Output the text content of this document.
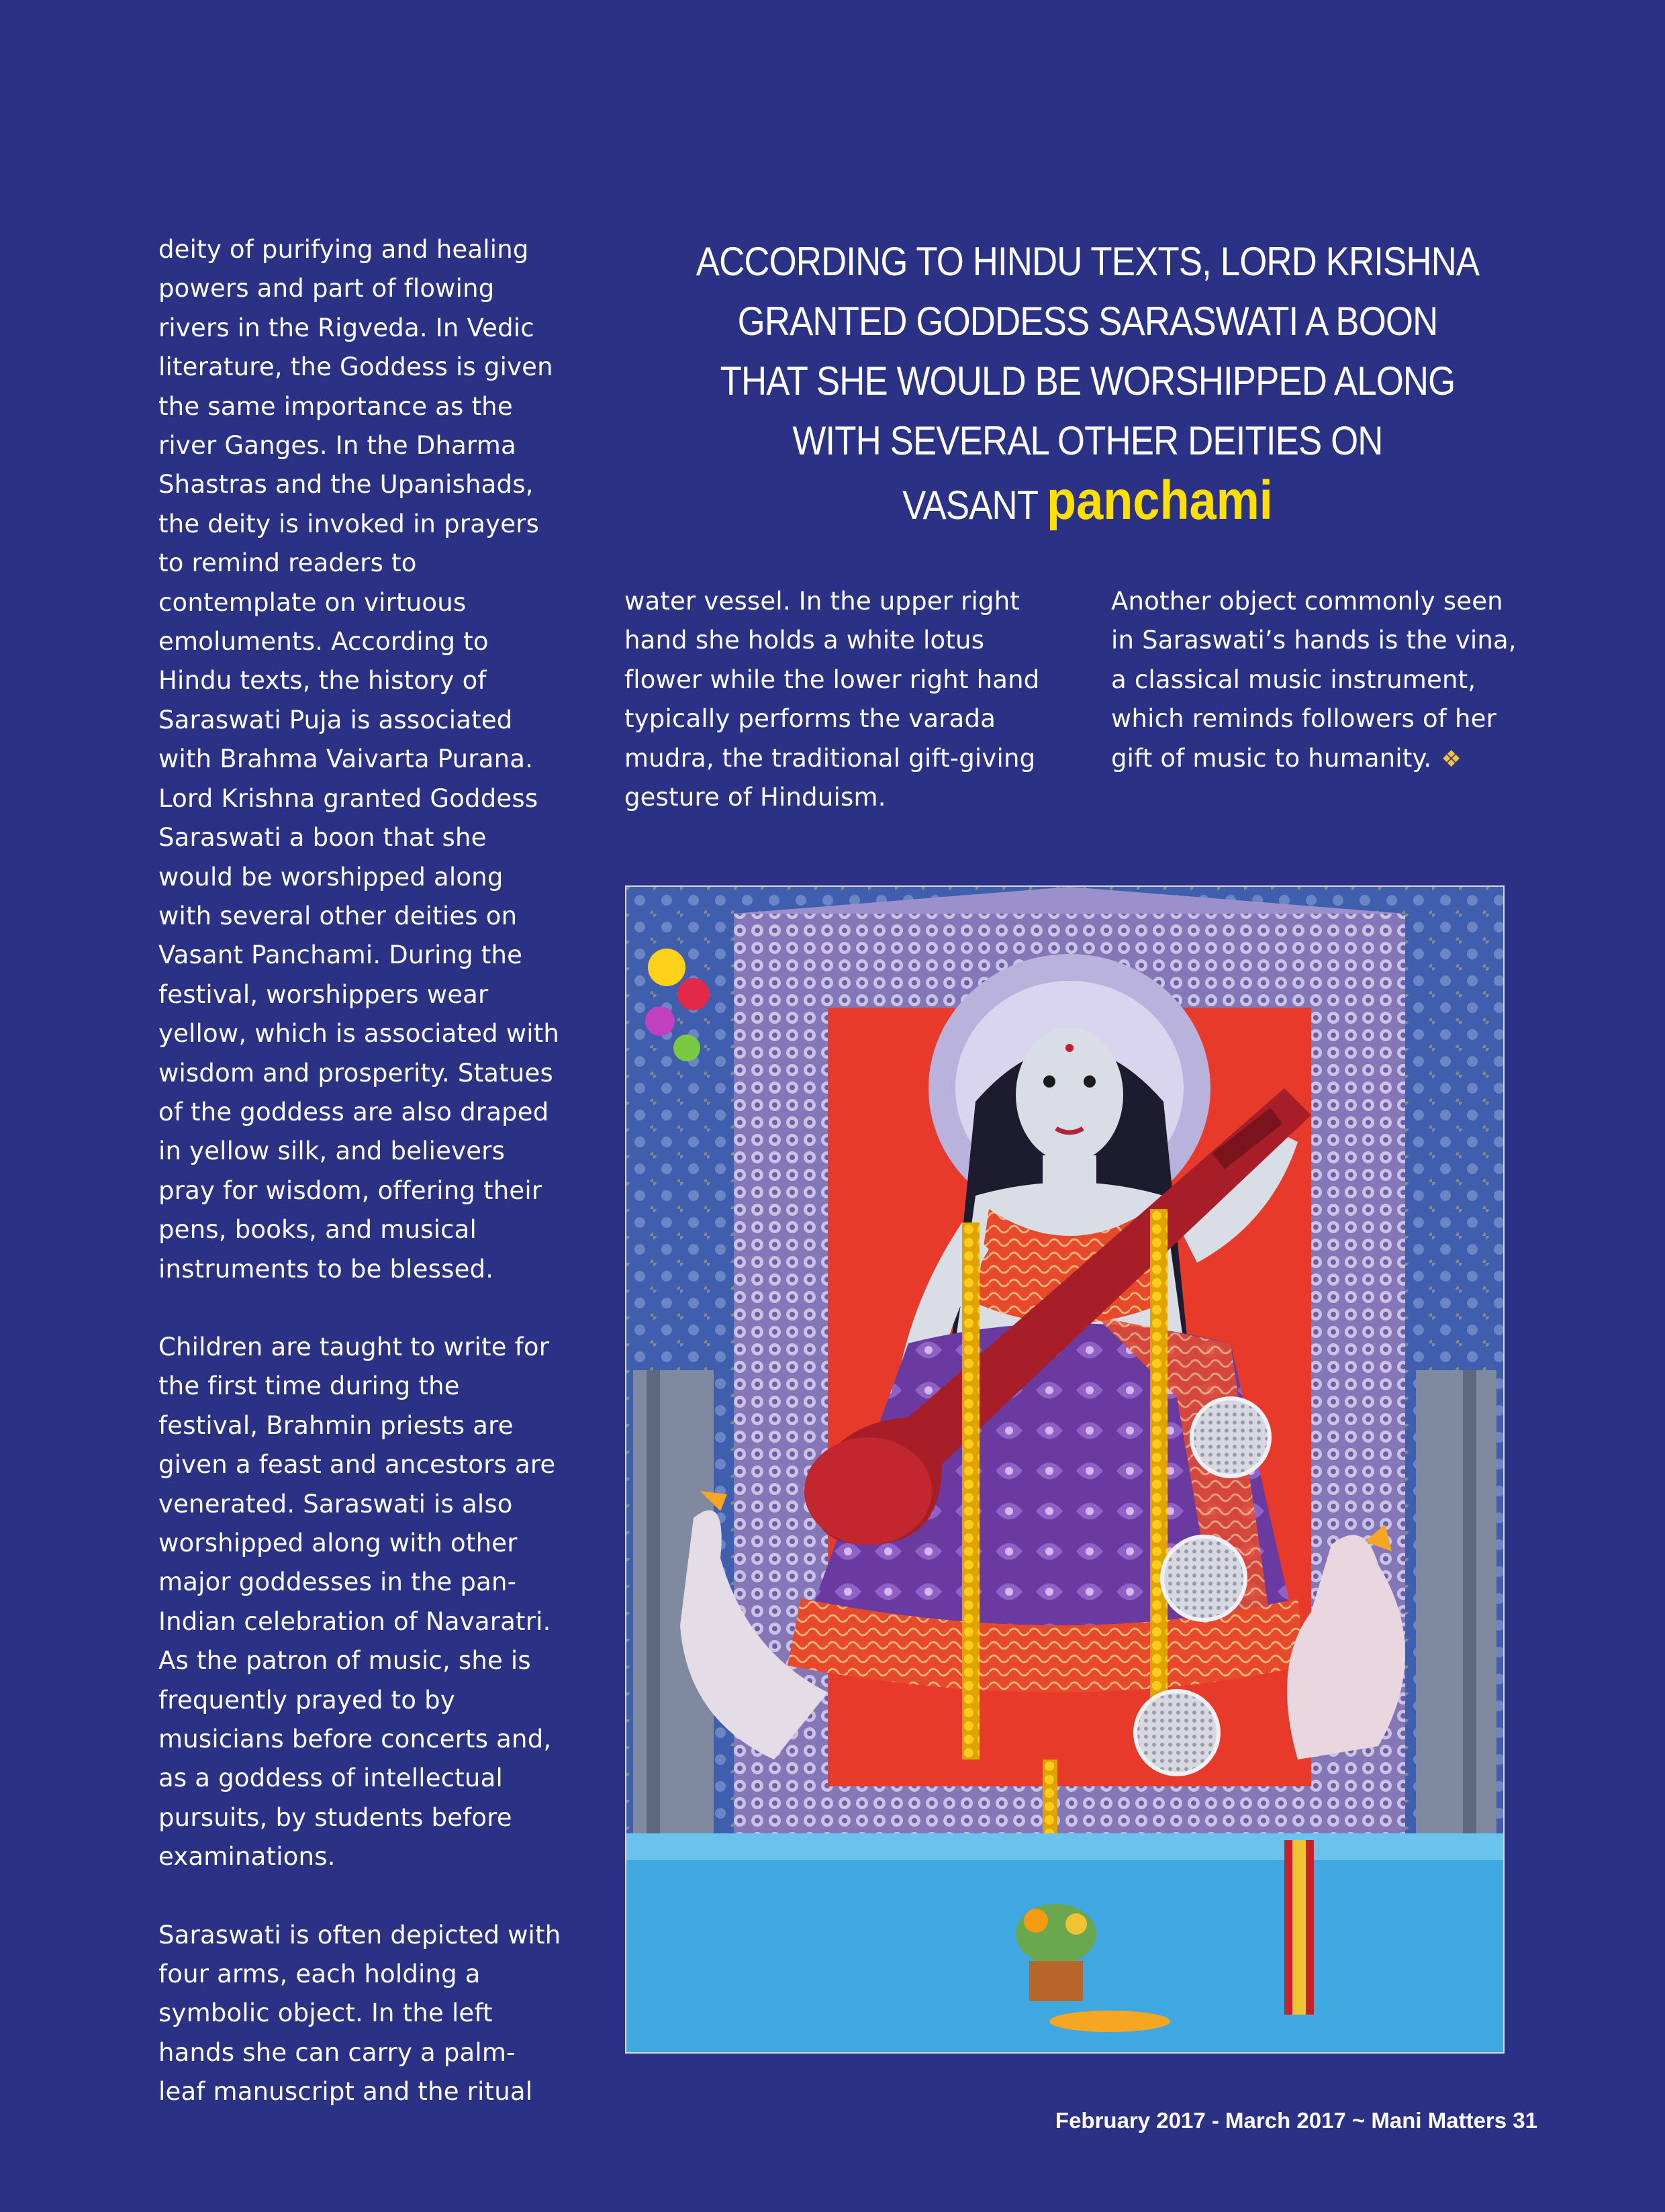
deity of purifying and healing powers and part of flowing rivers in the Rigveda. In Vedic literature, the Goddess is given the same importance as the river Ganges. In the Dharma Shastras and the Upanishads, the deity is invoked in prayers to remind readers to contemplate on virtuous emoluments. According to Hindu texts, the history of Saraswati Puja is associated with Brahma Vaivarta Purana. Lord Krishna granted Goddess Saraswati a boon that she would be worshipped along with several other deities on Vasant Panchami. During the festival, worshippers wear yellow, which is associated with wisdom and prosperity. Statues of the goddess are also draped in yellow silk, and believers pray for wisdom, offering their pens, books, and musical instruments to be blessed.

Children are taught to write for the first time during the festival, Brahmin priests are given a feast and ancestors are venerated. Saraswati is also worshipped along with other major goddesses in the pan-Indian celebration of Navaratri. As the patron of music, she is frequently prayed to by musicians before concerts and, as a goddess of intellectual pursuits, by students before examinations.

Saraswati is often depicted with four arms, each holding a symbolic object. In the left hands she can carry a palm-leaf manuscript and the ritual

ACCORDING TO HINDU TEXTS, LORD KRISHNA
GRANTED GODDESS SARASWATI A BOON
THAT SHE WOULD BE WORSHIPPED ALONG
WITH SEVERAL OTHER DEITIES ON
VASANT panchami

water vessel. In the upper right hand she holds a white lotus flower while the lower right hand typically performs the varada mudra, the traditional gift-giving gesture of Hinduism.

Another object commonly seen in Saraswati’s hands is the vina, a classical music instrument, which reminds followers of her gift of music to humanity. ❖

February 2017 - March 2017 ~ Mani Matters 31
